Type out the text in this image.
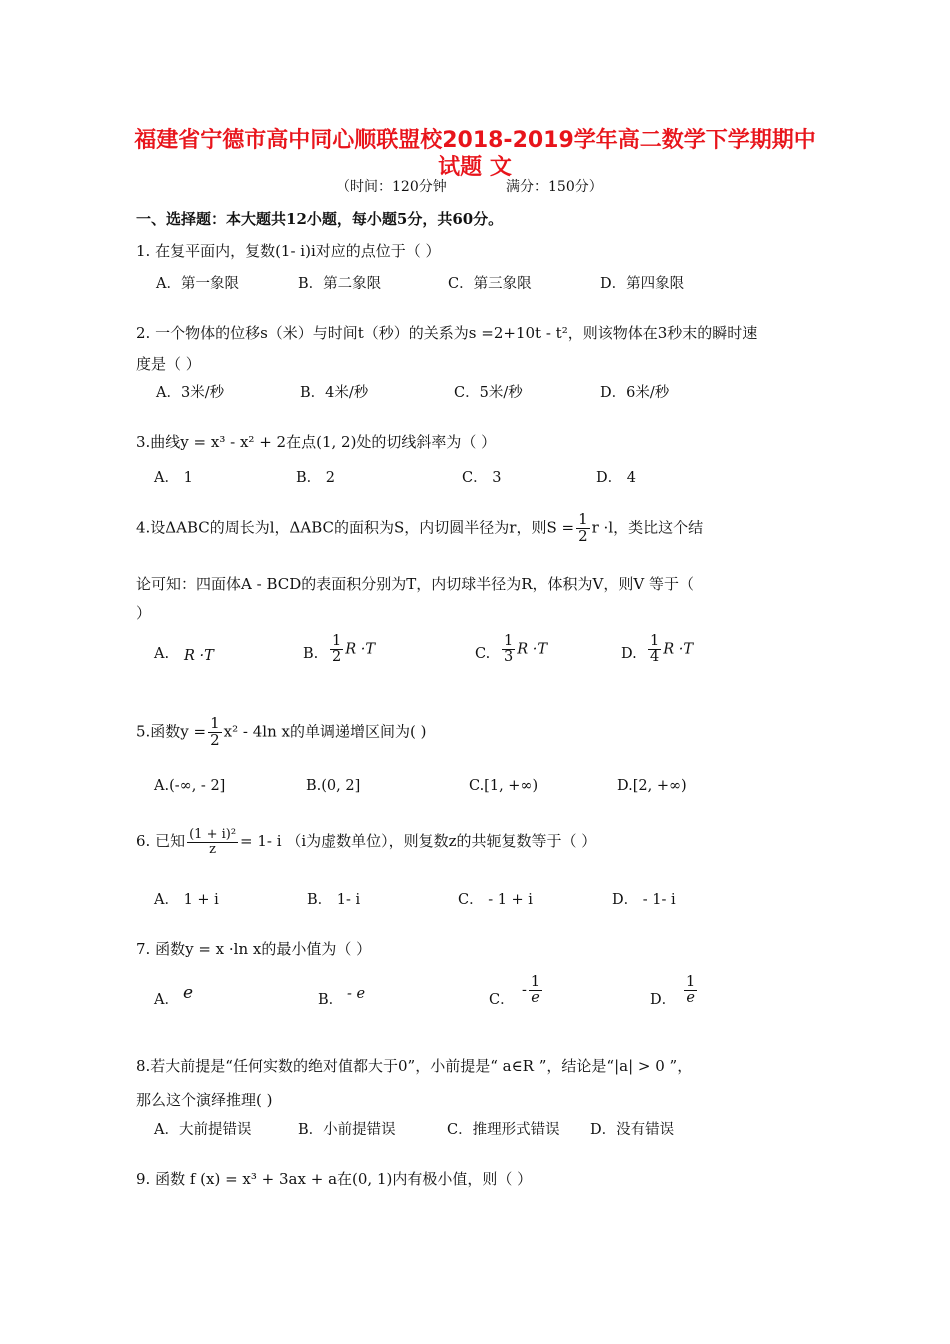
福建省宁德市高中同心顺联盟校2018-2019学年高二数学下学期期中
试题 文
（时间：120分钟	满分：150分）
一、选择题：本大题共12小题，每小题5分，共60分。
1. 在复平面内，复数(1- i)i对应的点位于（ ）
A．第一象限	B．第二象限	C．第三象限	D．第四象限
2. 一个物体的位移s（米）与时间t（秒）的关系为s =2+10t - t²，则该物体在3秒末的瞬时速
度是（ ）
A．3米/秒	B．4米/秒	C．5米/秒	D．6米/秒
3.曲线y = x³ - x² + 2在点(1, 2)处的切线斜率为（ ）
A． 1	B． 2	C． 3	D． 4
4.设ΔABC的周长为l，ΔABC的面积为S，内切圆半径为r，则$S = \frac{1}{2}$ r ·l，类比这个结
论可知：四面体A - BCD的表面积分别为T，内切球半径为R，体积为V，则V 等于（
）
A. R ·T	B. $\frac{1}{2}$ R ·T	C. $\frac{1}{3}$ R ·T	D. $\frac{1}{4}$ R ·T
5.函数$y = \frac{1}{2} x^2 - 4\ln$ x的单调递增区间为( )
A.(-∞, - 2]	B.(0, 2]	C.[1, +∞)	D.[2, +∞)
6. 已知 $\frac{\text{(1 + i)²}}{z} = 1-$ i （i为虚数单位），则复数z的共轭复数等于（ ）
A． 1 + i	B． 1- i	C． - 1 + i	D． - 1- i
7. 函数y = x ·ln x的最小值为（ ）
A． e	B． - e	C．
- $\frac{1}{e}$	D． $\frac{1}{e}$
8.若大前提是“任何实数的绝对值都大于0”，小前提是“ a∈R ”，结论是“|a| > 0 ”，
那么这个演绎推理( )
A．大前提错误	B．小前提错误	C．推理形式错误 D．没有错误
9. 函数 f (x) = x³ + 3ax + a在(0, 1)内有极小值，则（ ）
